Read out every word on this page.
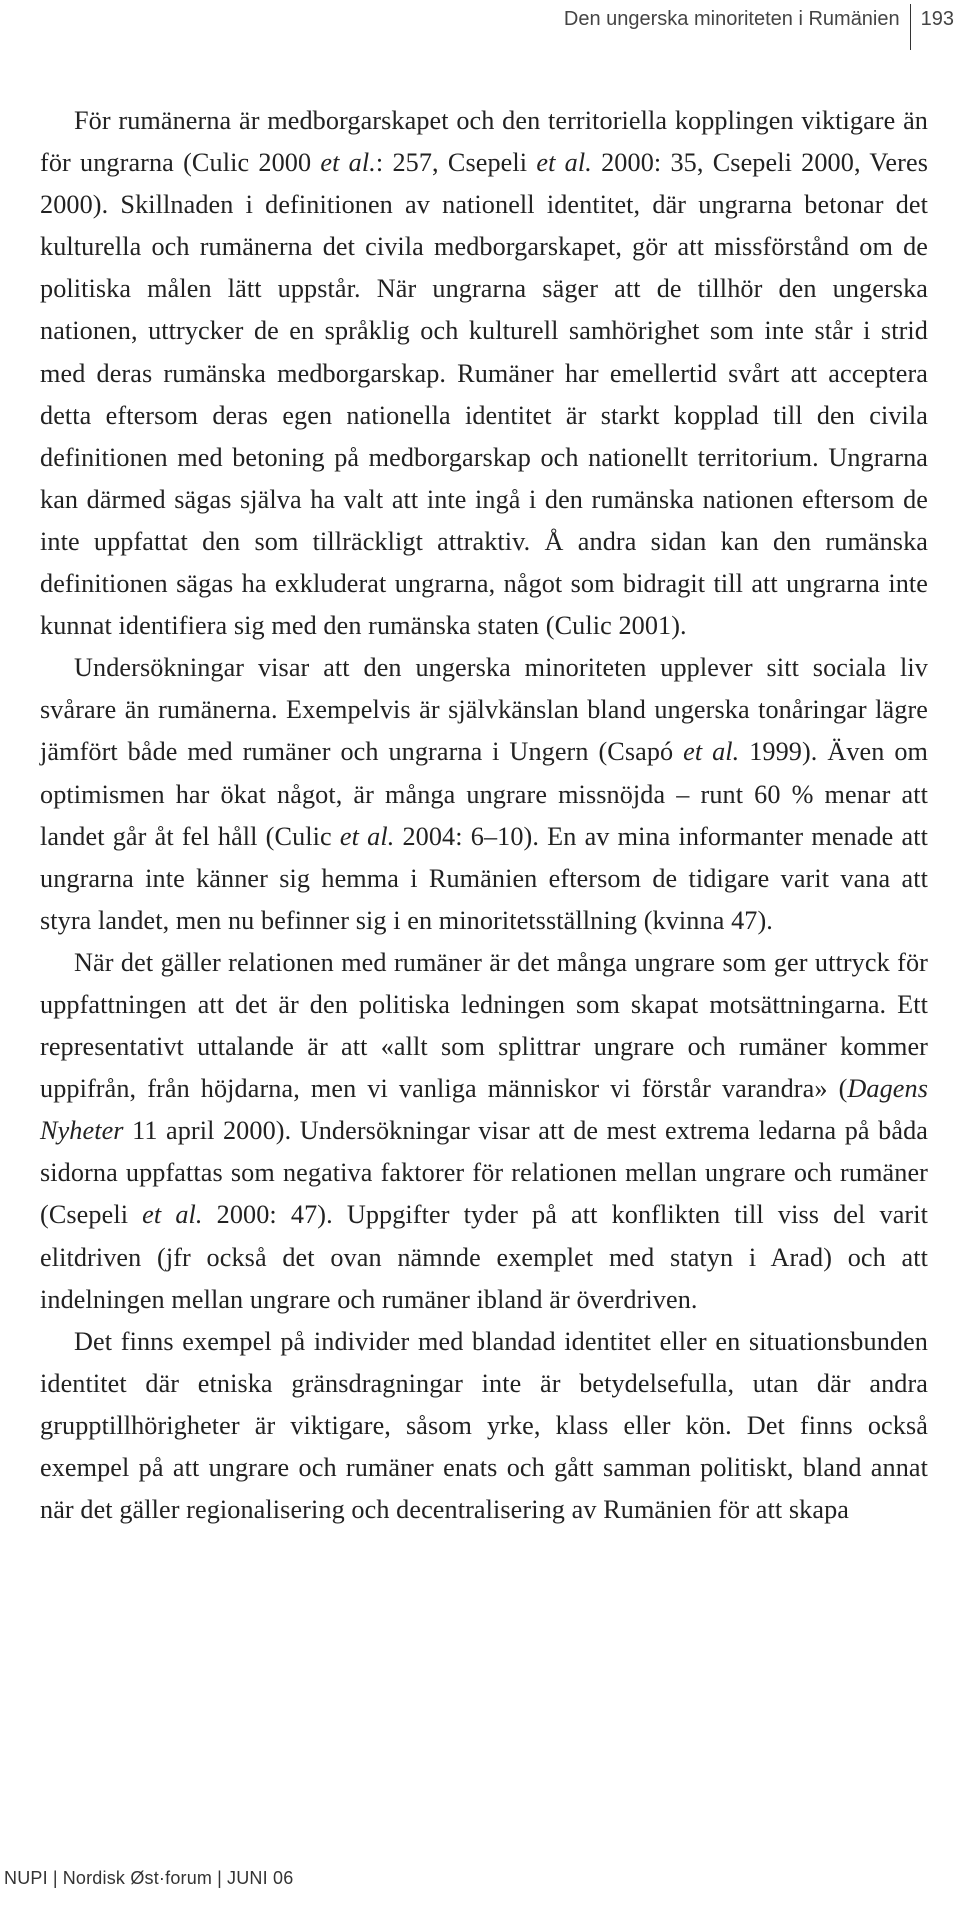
Den ungerska minoriteten i Rumänien	193

För rumänerna är medborgarskapet och den territoriella kopplingen viktigare än för ungrarna (Culic 2000 et al.: 257, Csepeli et al. 2000: 35, Csepeli 2000, Veres 2000). Skillnaden i definitionen av nationell identitet, där ungrarna betonar det kulturella och rumänerna det civila medborgarskapet, gör att missförstånd om de politiska målen lätt uppstår. När ungrarna säger att de tillhör den ungerska nationen, uttrycker de en språklig och kulturell samhörighet som inte står i strid med deras rumänska medborgarskap. Rumäner har emellertid svårt att acceptera detta eftersom deras egen nationella identitet är starkt kopplad till den civila definitionen med betoning på medborgarskap och nationellt territorium. Ungrarna kan därmed sägas själva ha valt att inte ingå i den rumänska nationen eftersom de inte uppfattat den som tillräckligt attraktiv. Å andra sidan kan den rumänska definitionen sägas ha exkluderat ungrarna, något som bidragit till att ungrarna inte kunnat identifiera sig med den rumänska staten (Culic 2001).

Undersökningar visar att den ungerska minoriteten upplever sitt sociala liv svårare än rumänerna. Exempelvis är självkänslan bland ungerska tonåringar lägre jämfört både med rumäner och ungrarna i Ungern (Csapó et al. 1999). Även om optimismen har ökat något, är många ungrare missnöjda – runt 60 % menar att landet går åt fel håll (Culic et al. 2004: 6–10). En av mina informanter menade att ungrarna inte känner sig hemma i Rumänien eftersom de tidigare varit vana att styra landet, men nu befinner sig i en minoritetsställning (kvinna 47).

När det gäller relationen med rumäner är det många ungrare som ger uttryck för uppfattningen att det är den politiska ledningen som skapat motsättningarna. Ett representativt uttalande är att «allt som splittrar ungrare och rumäner kommer uppifrån, från höjdarna, men vi vanliga människor vi förstår varandra» (Dagens Nyheter 11 april 2000). Undersökningar visar att de mest extrema ledarna på båda sidorna uppfattas som negativa faktorer för relationen mellan ungrare och rumäner (Csepeli et al. 2000: 47). Uppgifter tyder på att konflikten till viss del varit elitdriven (jfr också det ovan nämnde exemplet med statyn i Arad) och att indelningen mellan ungrare och rumäner ibland är överdriven.

Det finns exempel på individer med blandad identitet eller en situationsbunden identitet där etniska gränsdragningar inte är betydelsefulla, utan där andra grupptillhörigheter är viktigare, såsom yrke, klass eller kön. Det finns också exempel på att ungrare och rumäner enats och gått samman politiskt, bland annat när det gäller regionalisering och decentralisering av Rumänien för att skapa

NUPI | Nordisk Øst·forum | JUNI 06
